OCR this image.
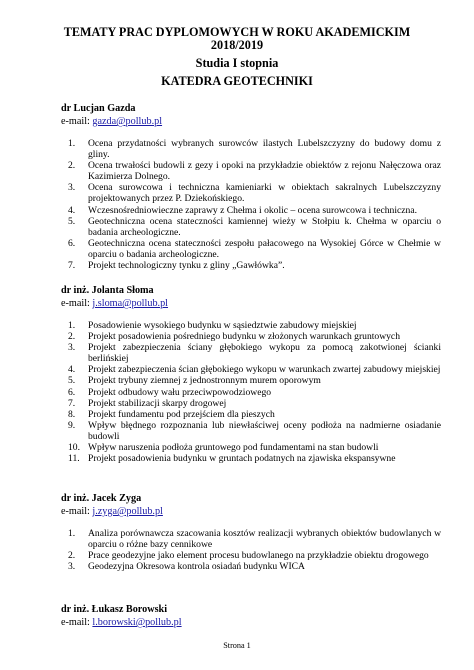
TEMATY PRAC DYPLOMOWYCH W ROKU AKADEMICKIM
2018/2019
Studia I stopnia
KATEDRA GEOTECHNIKI
dr Lucjan Gazda
e-mail: gazda@pollub.pl
1. Ocena przydatności wybranych surowców ilastych Lubelszczyzny do budowy domu z gliny.
2. Ocena trwałości budowli z gezy i opoki na przykładzie obiektów z rejonu Nałęczowa oraz Kazimierza Dolnego.
3. Ocena surowcowa i techniczna kamieniarki w obiektach sakralnych Lubelszczyzny projektowanych przez P. Dziekońskiego.
4. Wczesnośredniowieczne zaprawy z Chełma i okolic – ocena surowcowa i techniczna.
5. Geotechniczna ocena stateczności kamiennej wieży w Stołpiu k. Chełma w oparciu o badania archeologiczne.
6. Geotechniczna ocena stateczności zespołu pałacowego na Wysokiej Górce w Chełmie w oparciu o badania archeologiczne.
7. Projekt technologiczny tynku z gliny „Gawłówka”.
dr inż. Jolanta Słoma
e-mail: j.sloma@pollub.pl
1. Posadowienie wysokiego budynku w sąsiedztwie zabudowy miejskiej
2. Projekt posadowienia pośredniego budynku w złożonych warunkach gruntowych
3. Projekt zabezpieczenia ściany głębokiego wykopu za pomocą zakotwionej ścianki berlińskiej
4. Projekt zabezpieczenia ścian głębokiego wykopu w warunkach zwartej zabudowy miejskiej
5. Projekt trybuny ziemnej z jednostronnym murem oporowym
6. Projekt odbudowy wału przeciwpowodziowego
7. Projekt stabilizacji skarpy drogowej
8. Projekt fundamentu pod przejściem dla pieszych
9. Wpływ błędnego rozpoznania lub niewłaściwej oceny podłoża na nadmierne osiadanie budowli
10. Wpływ naruszenia podłoża gruntowego pod fundamentami na stan budowli
11. Projekt posadowienia budynku w gruntach podatnych na zjawiska ekspansywne
dr inż. Jacek Zyga
e-mail: j.zyga@pollub.pl
1. Analiza porównawcza szacowania kosztów realizacji wybranych obiektów budowlanych w oparciu o różne bazy cennikowe
2. Prace geodezyjne jako element procesu budowlanego na przykładzie obiektu drogowego
3. Geodezyjna Okresowa kontrola osiadań budynku WICA
dr inż. Łukasz Borowski
e-mail: l.borowski@pollub.pl
Strona 1
